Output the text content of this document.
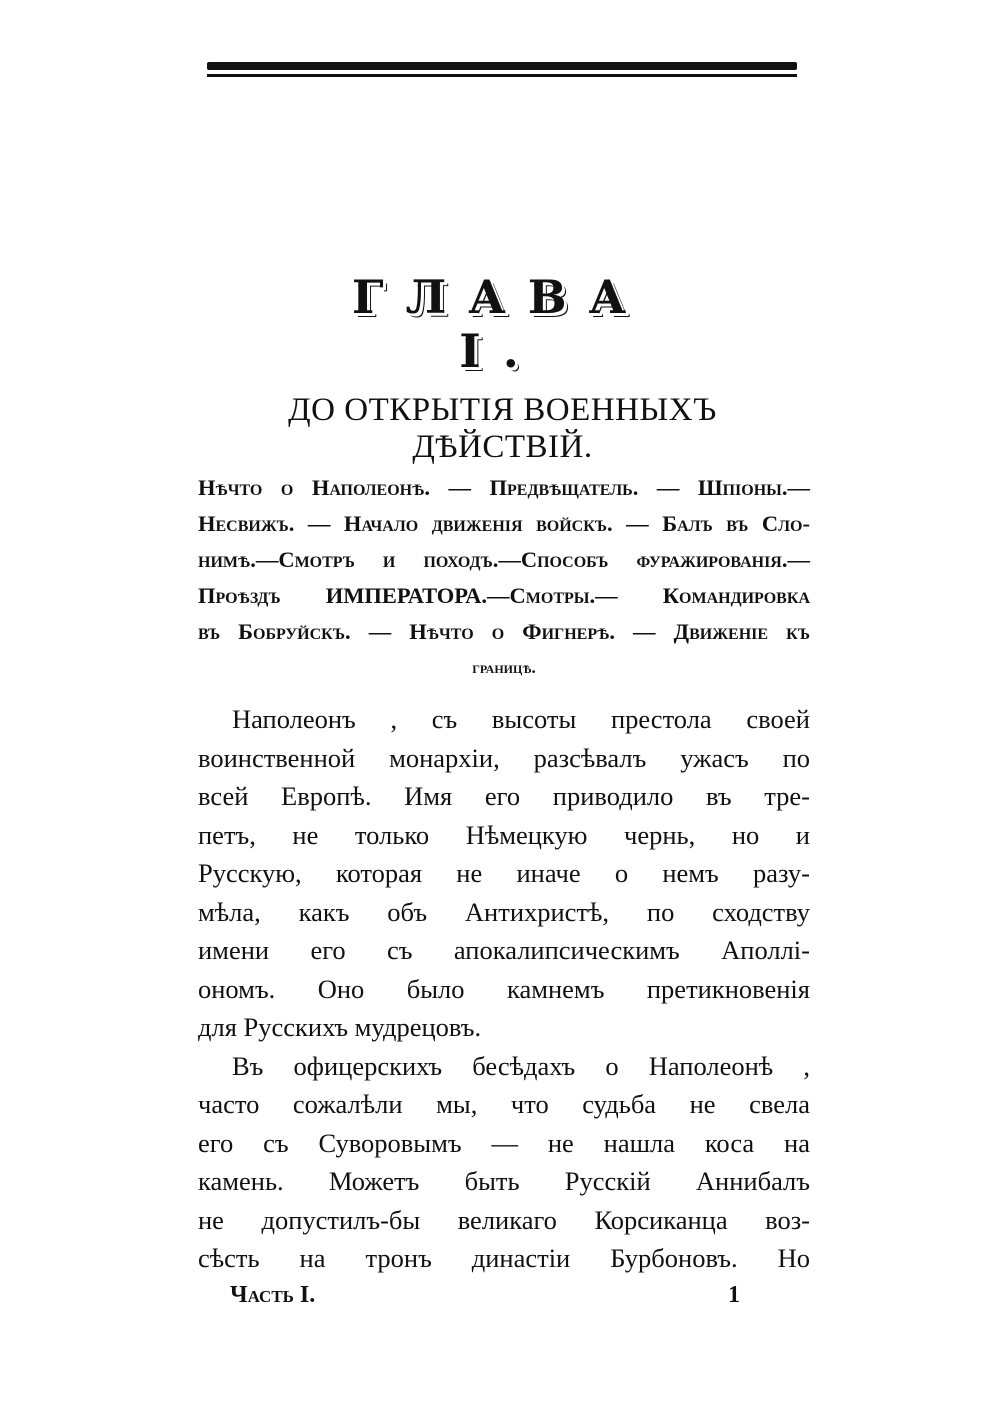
ГЛАВА I.
ДО ОТКРЫТІЯ ВОЕННЫХЪ ДѢЙСТВІЙ.
Нѣчто о Наполеонѣ. — Предвѣщатель. — Шпіоны.—
Несвижъ. — Начало движенія войскъ. — Балъ въ Сло-
нимѣ.—Смотръ и походъ.—Способъ фуражированія.—
Проѣздъ ИМПЕРАТОРА.—Смотры.— Командировка
въ Бобруйскъ. — Нѣчто о Фигнерѣ. — Движеніе къ
границѣ.
Наполеонъ , съ высоты престола своей
воинственной монархіи, разсѣвалъ ужасъ по
всей Европѣ. Имя его приводило въ тре-
петъ, не только Нѣмецкую чернь, но и
Русскую, которая не иначе о немъ разу-
мѣла, какъ объ Антихристѣ, по сходству
имени его съ апокалипсическимъ Аполлі-
ономъ. Оно было камнемъ претикновенія
для Русскихъ мудрецовъ.
Въ офицерскихъ бесѣдахъ о Наполеонѣ ,
часто сожалѣли мы, что судьба не свела
его съ Суворовымъ — не нашла коса на
камень. Можетъ быть Русскій Аннибалъ
не допустилъ-бы великаго Корсиканца воз-
сѣсть на тронъ династіи Бурбоновъ. Но
Часть I.	1
